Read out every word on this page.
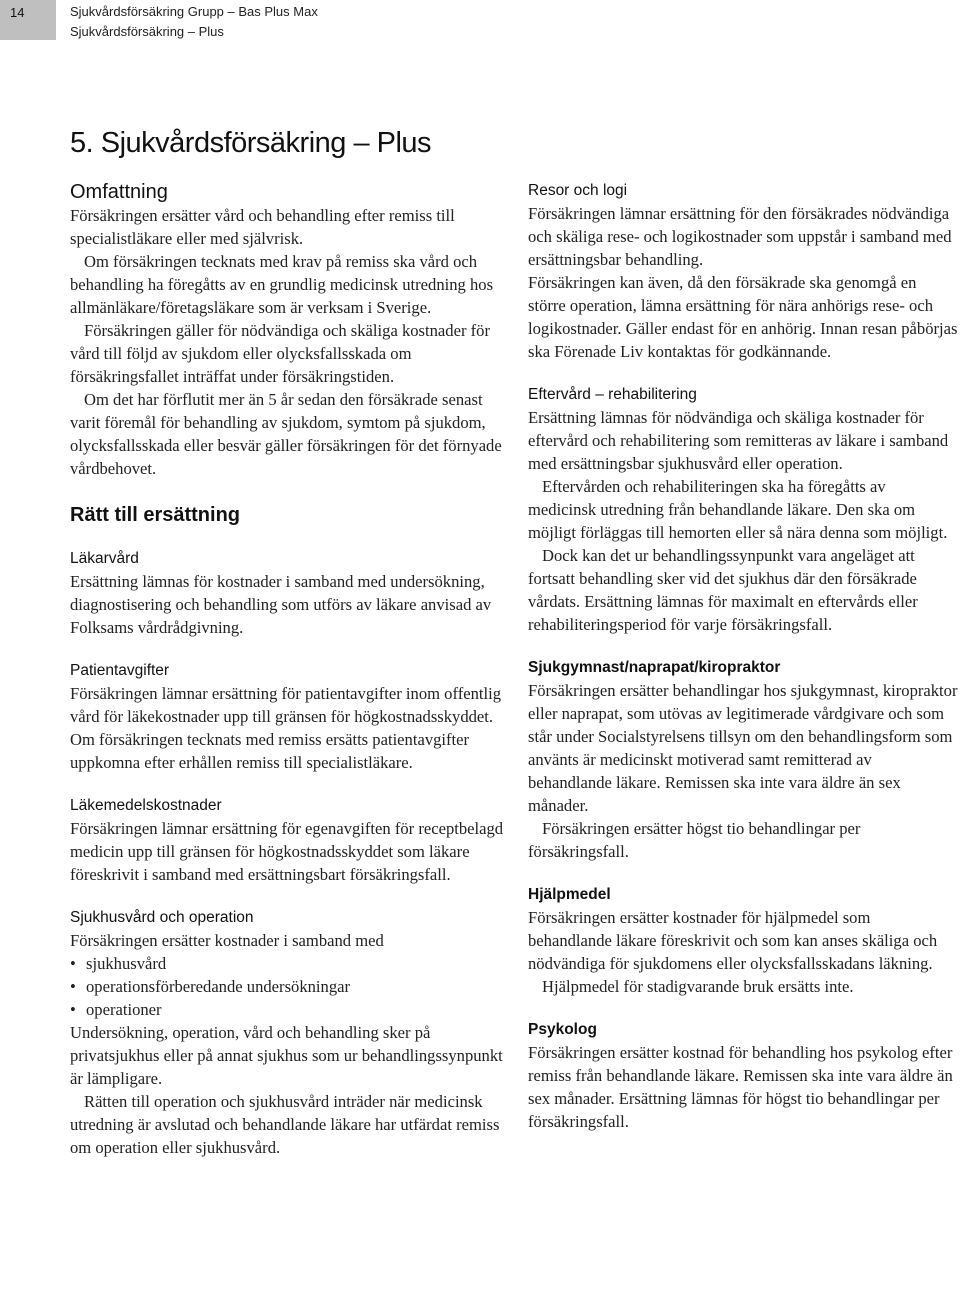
14	Sjukvårdsförsäkring Grupp – Bas Plus Max
Sjukvårdsförsäkring – Plus
5. Sjukvårdsförsäkring – Plus
Omfattning

Försäkringen ersätter vård och behandling efter remiss till specialistläkare eller med självrisk.

Om försäkringen tecknats med krav på remiss ska vård och behandling ha föregåtts av en grundlig medicinsk utredning hos allmänläkare/företagsläkare som är verksam i Sverige.

Försäkringen gäller för nödvändiga och skäliga kostnader för vård till följd av sjukdom eller olycksfallsskada om försäkringsfallet inträffat under försäkringstiden.

Om det har förflutit mer än 5 år sedan den försäkrade senast varit föremål för behandling av sjukdom, symtom på sjukdom, olycksfallsskada eller besvär gäller försäkringen för det förnyade vårdbehovet.

Rätt till ersättning
Läkarvård

Ersättning lämnas för kostnader i samband med undersökning, diagnostisering och behandling som utförs av läkare anvisad av Folksams vårdrådgivning.

Patientavgifter

Försäkringen lämnar ersättning för patientavgifter inom offentlig vård för läkekostnader upp till gränsen för högkostnadsskyddet. Om försäkringen tecknats med remiss ersätts patientavgifter uppkomna efter erhållen remiss till specialistläkare.

Läkemedelskostnader

Försäkringen lämnar ersättning för egenavgiften för receptbelagd medicin upp till gränsen för högkostnadsskyddet som läkare föreskrivit i samband med ersättningsbart försäkringsfall.

Sjukhusvård och operation

Försäkringen ersätter kostnader i samband med

• sjukhusvård
• operationsförberedande undersökningar
• operationer

Undersökning, operation, vård och behandling sker på privatsjukhus eller på annat sjukhus som ur behandlingssynpunkt är lämpligare.

Rätten till operation och sjukhusvård inträder när medicinsk utredning är avslutad och behandlande läkare har utfärdat remiss om operation eller sjukhusvård.

Resor och logi

Försäkringen lämnar ersättning för den försäkrades nödvändiga och skäliga rese- och logikostnader som uppstår i samband med ersättningsbar behandling.

Försäkringen kan även, då den försäkrade ska genomgå en större operation, lämna ersättning för nära anhörigs rese- och logikostnader. Gäller endast för en anhörig. Innan resan påbörjas ska Förenade Liv kontaktas för godkännande.

Eftervård – rehabilitering

Ersättning lämnas för nödvändiga och skäliga kostnader för eftervård och rehabilitering som remitteras av läkare i samband med ersättningsbar sjukhusvård eller operation.

Eftervården och rehabiliteringen ska ha föregåtts av medicinsk utredning från behandlande läkare. Den ska om möjligt förläggas till hemorten eller så nära denna som möjligt.

Dock kan det ur behandlingssynpunkt vara angeläget att fortsatt behandling sker vid det sjukhus där den försäkrade vårdats. Ersättning lämnas för maximalt en eftervårds eller rehabiliteringsperiod för varje försäkringsfall.

Sjukgymnast/naprapat/kiropraktor

Försäkringen ersätter behandlingar hos sjukgymnast, kiropraktor eller naprapat, som utövas av legitimerade vårdgivare och som står under Socialstyrelsens tillsyn om den behandlingsform som använts är medicinskt motiverad samt remitterad av behandlande läkare. Remissen ska inte vara äldre än sex månader.

Försäkringen ersätter högst tio behandlingar per försäkringsfall.

Hjälpmedel

Försäkringen ersätter kostnader för hjälpmedel som behandlande läkare föreskrivit och som kan anses skäliga och nödvändiga för sjukdomens eller olycksfallsskadans läkning.

Hjälpmedel för stadigvarande bruk ersätts inte.

Psykolog

Försäkringen ersätter kostnad för behandling hos psykolog efter remiss från behandlande läkare. Remissen ska inte vara äldre än sex månader. Ersättning lämnas för högst tio behandlingar per försäkringsfall.
